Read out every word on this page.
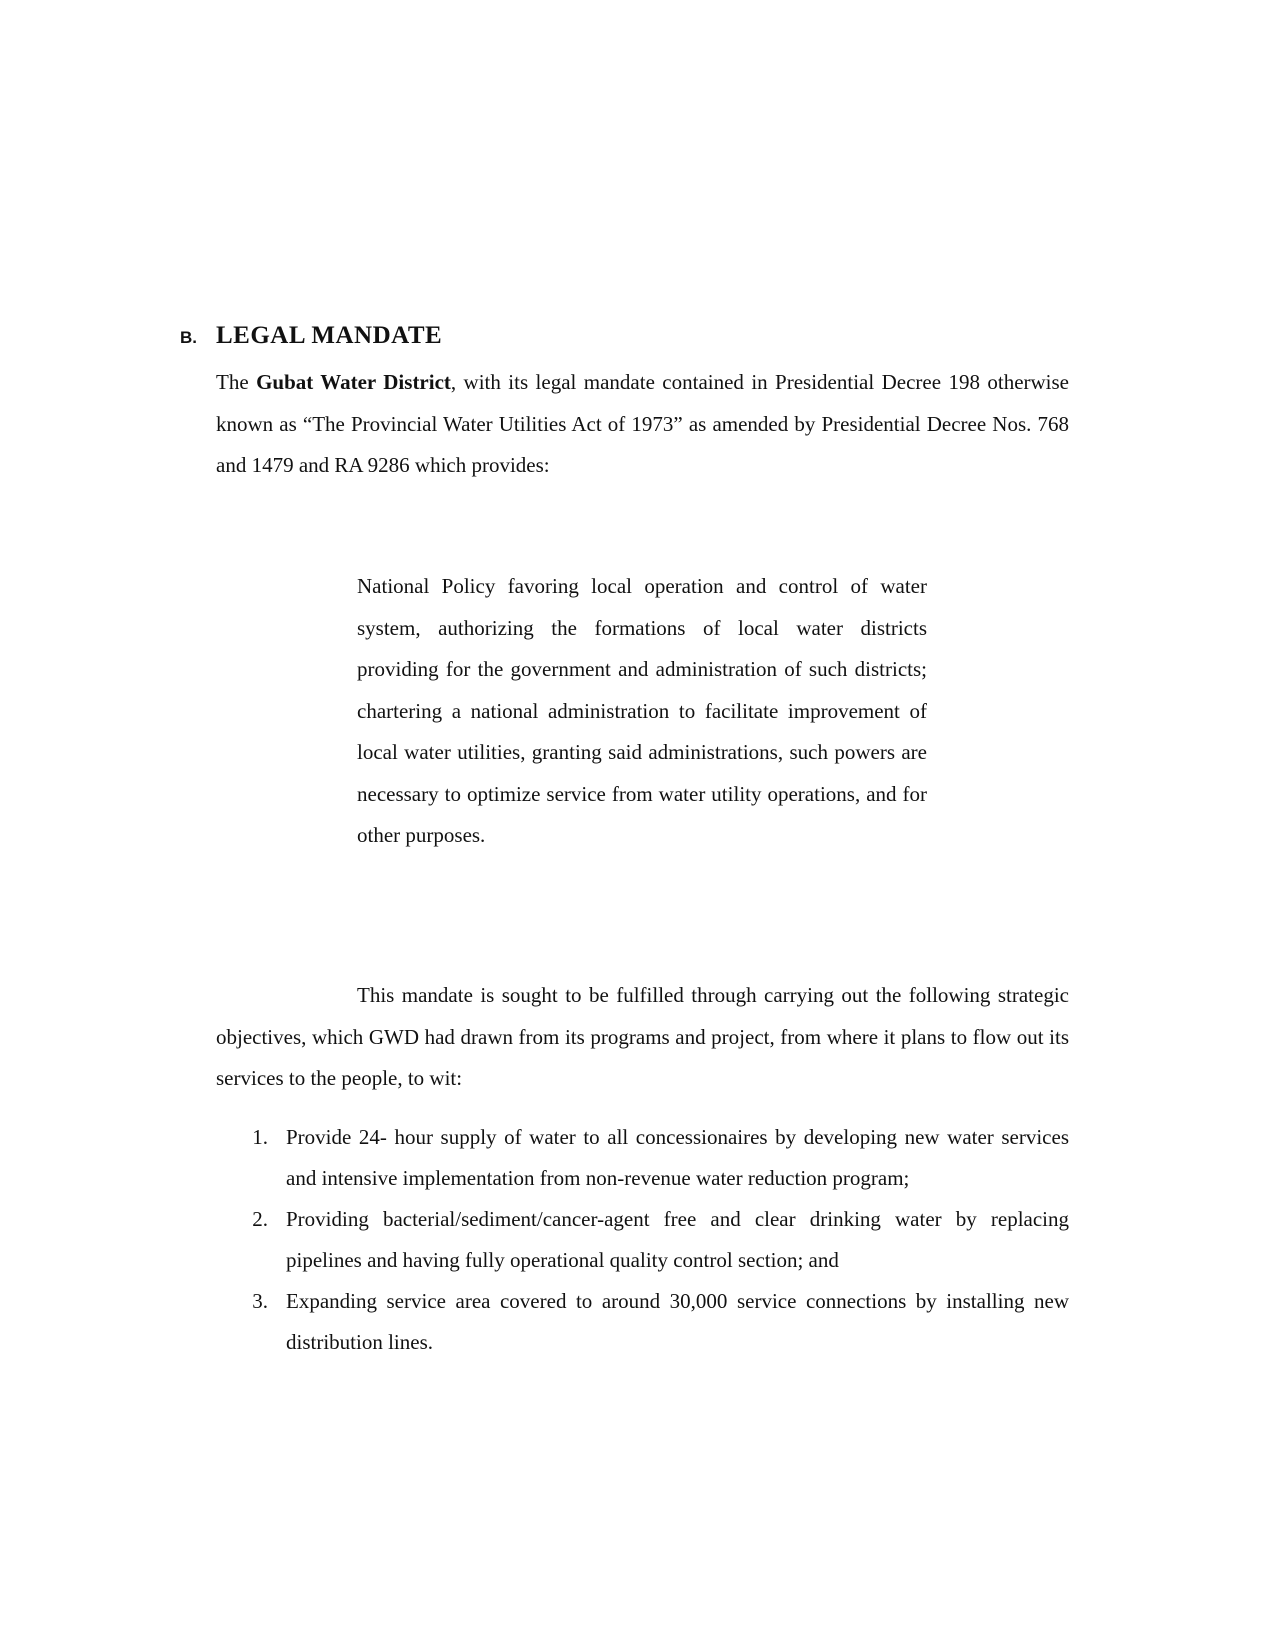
B. LEGAL MANDATE

The Gubat Water District, with its legal mandate contained in Presidential Decree 198 otherwise known as “The Provincial Water Utilities Act of 1973” as amended by Presidential Decree Nos. 768 and 1479 and RA 9286 which provides:

National Policy favoring local operation and control of water system, authorizing the formations of local water districts providing for the government and administration of such districts; chartering a national administration to facilitate improvement of local water utilities, granting said administrations, such powers are necessary to optimize service from water utility operations, and for other purposes.

This mandate is sought to be fulfilled through carrying out the following strategic objectives, which GWD had drawn from its programs and project, from where it plans to flow out its services to the people, to wit:

1. Provide 24- hour supply of water to all concessionaires by developing new water services and intensive implementation from non-revenue water reduction program;
2. Providing bacterial/sediment/cancer-agent free and clear drinking water by replacing pipelines and having fully operational quality control section; and
3. Expanding service area covered to around 30,000 service connections by installing new distribution lines.
